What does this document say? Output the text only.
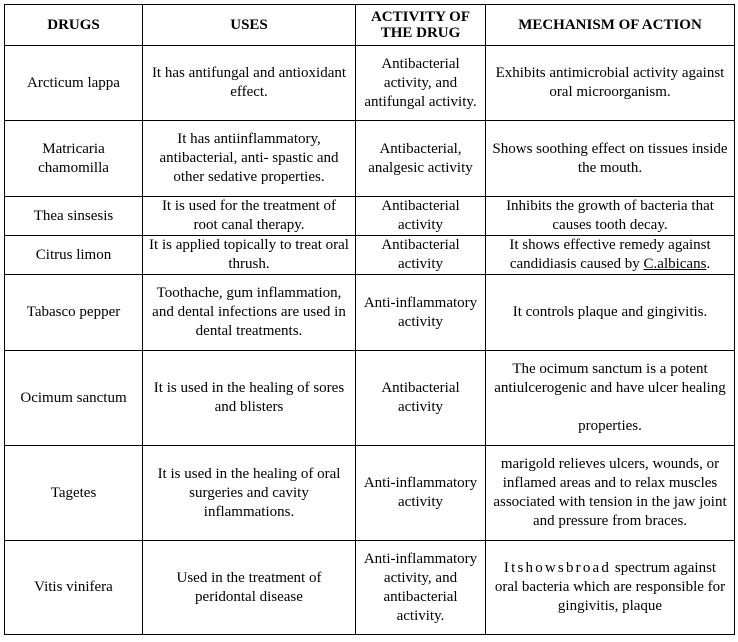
DRUGS	USES	ACTIVITY OF THE DRUG	MECHANISM OF ACTION
Arcticum lappa	It has antifungal and antioxidant effect.	Antibacterial activity, and antifungal activity.	Exhibits antimicrobial activity against oral microorganism.
Matricaria chamomilla	It has antiinflammatory, antibacterial, anti- spastic and other sedative properties.	Antibacterial, analgesic activity	Shows soothing effect on tissues inside the mouth.
Thea sinsesis	It is used for the treatment of root canal therapy.	Antibacterial activity	Inhibits the growth of bacteria that causes tooth decay.
Citrus limon	It is applied topically to treat oral thrush.	Antibacterial activity	It shows effective remedy against candidiasis caused by C.albicans.
Tabasco pepper	Toothache, gum inflammation, and dental infections are used in dental treatments.	Anti-inflammatory activity	It controls plaque and gingivitis.
Ocimum sanctum	It is used in the healing of sores and blisters	Antibacterial activity	The ocimum sanctum is a potent antiulcerogenic and have ulcer healing

properties.
Tagetes	It is used in the healing of oral surgeries and cavity inflammations.	Anti-inflammatory activity	marigold relieves ulcers, wounds, or inflamed areas and to relax muscles associated with tension in the jaw joint and pressure from braces.
Vitis vinifera	Used in the treatment of peridontal disease	Anti-inflammatory activity, and antibacterial activity.	Itshowsbroad spectrum against oral bacteria which are responsible for gingivitis, plaque
